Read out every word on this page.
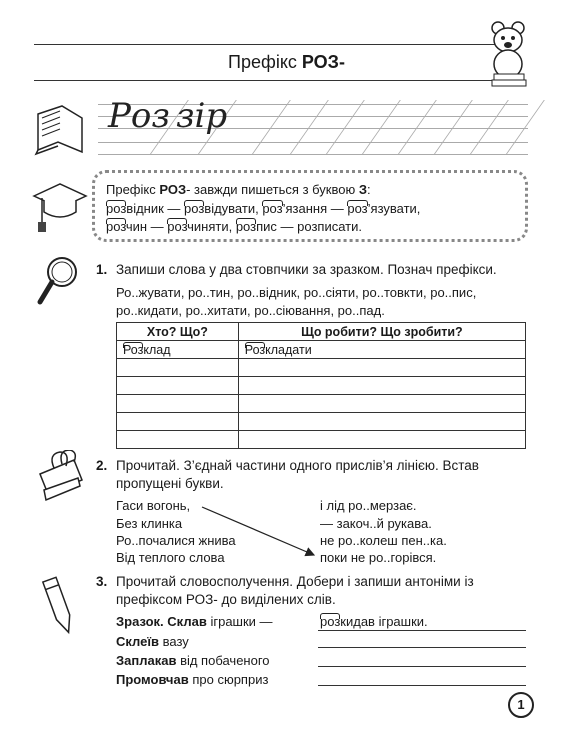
Префікс РОЗ-
Роз зір
Префікс РОЗ- завжди пишеться з буквою З:
розвідник — розвідувати, роз’язання — роз’язувати,
розчин — розчиняти, розпис — розписати.
1. Запиши слова у два стовпчики за зразком. Познач префікси.
Ро..жувати, ро..тин, ро..відник, ро..сіяти, ро..товкти, ро..пис,
ро..кидати, ро..хитати, ро..сіювання, ро..пад.
Хто? Що?	Що робити? Що зробити?
Розклад	Розкладати

2. Прочитай. З’єднай частини одного прислів’я лінією. Встав
пропущені букви.
Гаси вогонь,
Без клинка
Ро..почалися жнива
Від теплого слова
і лід ро..мерзає.
— закоч..й рукава.
не ро..колеш пен..ка.
поки не ро..горівся.
3. Прочитай словосполучення. Добери і запиши антоніми із
префіксом РОЗ- до виділених слів.
Зразок. Склав іграшки —	розкидав іграшки.
Склеїв вазу
Заплакав від побаченого
Промовчав про сюрприз
1
